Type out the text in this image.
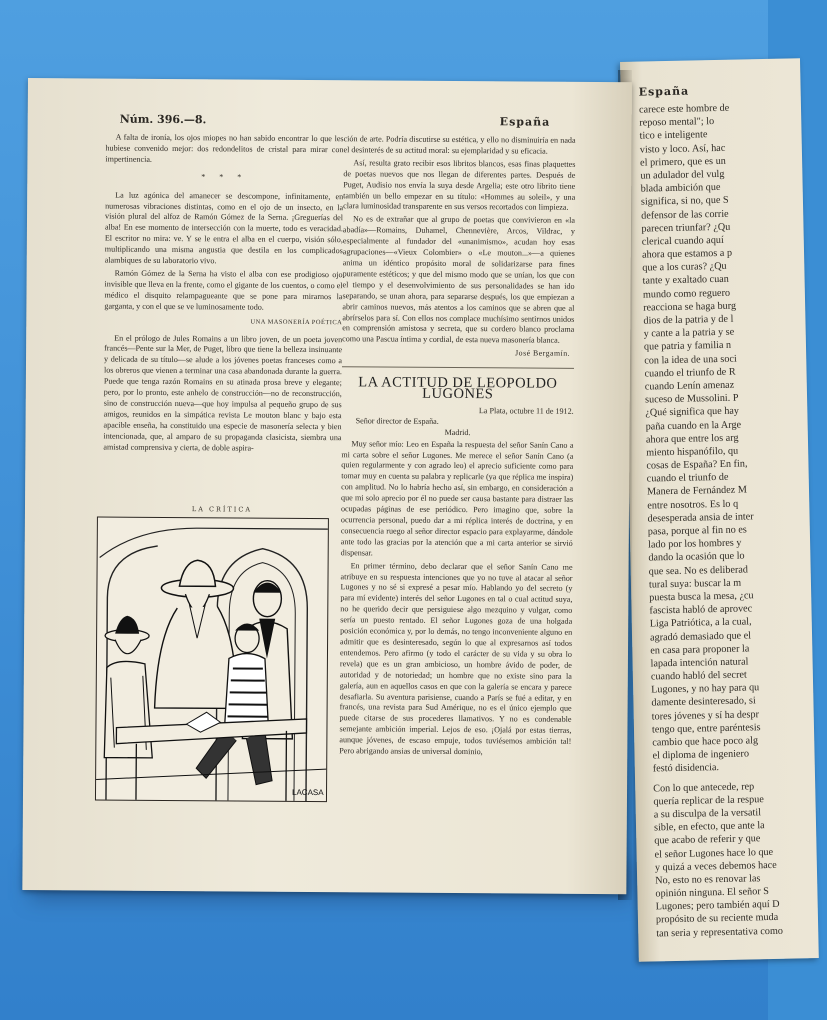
España
carece este hombre de
reposo mental"; lo
tico e inteligente
visto y loco. Así, hac
el primero, que es un
un adulador del vulg
blada ambición que
significa, si no, que S
defensor de las corrie
parecen triunfar? ¿Qu
clerical cuando aquí
ahora que estamos a p
que a los curas? ¿Qu
tante y exaltado cuan
mundo como reguero
reacciona se haga burg
dios de la patria y de l
y cante a la patria y se
que patria y familia n
con la idea de una soci
cuando el triunfo de R
cuando Lenín amenaz
suceso de Mussolini. P
¿Qué significa que hay
paña cuando en la Arge
ahora que entre los arg
miento hispanófilo, qu
cosas de España? En fin,
cuando el triunfo de
Manera de Fernández M
entre nosotros. Es lo q
desesperada ansia de inter
pasa, porque al fin no es
lado por los hombres y
dando la ocasión que lo
que sea. No es deliberad
tural suya: buscar la m
puesta busca la mesa, ¿cu
fascista habló de aprovec
Liga Patriótica, a la cual,
agradó demasiado que el
en casa para proponer la
lapada intención natural
cuando habló del secret
Lugones, y no hay para qu
damente desinteresado, si
tores jóvenes y sí ha despr
tengo que, entre paréntesis
cambio que hace poco alg
el diploma de ingeniero
festó disidencia.
Con lo que antecede, rep
quería replicar de la respue
a su disculpa de la versatil
sible, en efecto, que ante la
que acabo de referir y que
el señor Lugones hace lo que
y quizá a veces debemos hace
No, esto no es renovar las
opinión ninguna. El señor S
Lugones; pero también aquí D
propósito de su reciente muda
tan seria y representativa como
Núm. 396.—8.	España

A falta de ironía, los ojos miopes no han sabido encontrar lo que les hubiese convenido mejor: dos redondelitos de cristal para mirar con impertinencia.

* * *

La luz agónica del amanecer se descompone, infinitamente, en numerosas vibraciones distintas, como en el ojo de un insecto, en la visión plural del alfoz de Ramón Gómez de la Serna. ¡Greguerías del alba! En ese momento de intersección con la muerte, todo es veracidad. El escritor no mira: ve. Y se le entra el alba en el cuerpo, visión sólo, multiplicando una misma angustia que destila en los complicados alambiques de su laboratorio vivo.

Ramón Gómez de la Serna ha visto el alba con ese prodigioso ojo invisible que lleva en la frente, como el gigante de los cuentos, o como el médico el disquito relampagueante que se pone para mirarnos la garganta, y con el que se ve luminosamente todo.

UNA MASONERÍA POÉTICA

En el prólogo de Jules Romains a un libro joven, de un poeta joven francés—Pente sur la Mer, de Puget, libro que tiene la belleza insinuante y delicada de su título—se alude a los jóvenes poetas franceses como a los obreros que vienen a terminar una casa abandonada durante la guerra. Puede que tenga razón Romains en su atinada prosa breve y elegante; pero, por lo pronto, este anhelo de construcción—no de reconstrucción, sino de construcción nueva—que hoy impulsa al pequeño grupo de sus amigos, reunidos en la simpática revista Le mouton blanc y bajo esta apacible enseña, ha constituido una especie de masonería selecta y bien intencionada, que, al amparo de su propaganda clasicista, siembra una amistad comprensiva y cierta, de doble aspira-

LA CRÍTICA
LACASA

ción de arte. Podría discutirse su estética, y ello no disminuiría en nada el desinterés de su actitud moral: su ejemplaridad y su eficacia.

Así, resulta grato recibir esos libritos blancos, esas finas plaquettes de poetas nuevos que nos llegan de diferentes partes. Después de Puget, Audisio nos envía la suya desde Argelia; este otro librito tiene también un bello empezar en su título: «Hommes au soleil», y una clara luminosidad transparente en sus versos recortados con limpieza.

No es de extrañar que al grupo de poetas que convivieron en «la abadía»—Romains, Duhamel, Chennevière, Arcos, Vildrac, y especialmente al fundador del «unanimismo», acudan hoy esas agrupaciones—«Vieux Colombier» o «Le mouton...»—a quienes anima un idéntico propósito moral de solidarizarse para fines puramente estéticos; y que del mismo modo que se unían, los que con el tiempo y el desenvolvimiento de sus personalidades se han ido separando, se unan ahora, para separarse después, los que empiezan a abrir caminos nuevos, más atentos a los caminos que se abren que al abrírselos para sí. Con ellos nos complace muchísimo sentirnos unidos en comprensión amistosa y secreta, que su cordero blanco proclama como una Pascua íntima y cordial, de esta nueva masonería blanca.

José Bergamín.
LA ACTITUD DE LEOPOLDO LUGONES
La Plata, octubre 11 de 1912.
Señor director de España.
Madrid.

Muy señor mío: Leo en España la respuesta del señor Sanín Cano a mi carta sobre el señor Lugones. Me merece el señor Sanín Cano (a quien regularmente y con agrado leo) el aprecio suficiente como para tomar muy en cuenta su palabra y replicarle (ya que réplica me inspira) con amplitud. No lo habría hecho así, sin embargo, en consideración a que mi solo aprecio por él no puede ser causa bastante para distraer las ocupadas páginas de ese periódico. Pero imagino que, sobre la ocurrencia personal, puedo dar a mi réplica interés de doctrina, y en consecuencia ruego al señor director espacio para explayarme, dándole ante todo las gracias por la atención que a mi carta anterior se sirvió dispensar.

En primer término, debo declarar que el señor Sanín Cano me atribuye en su respuesta intenciones que yo no tuve al atacar al señor Lugones y no sé si expresé a pesar mío. Hablando yo del secreto (y para mí evidente) interés del señor Lugones en tal o cual actitud suya, no he querido decir que persiguiese algo mezquino y vulgar, como sería un puesto rentado. El señor Lugones goza de una holgada posición económica y, por lo demás, no tengo inconveniente alguno en admitir que es desinteresado, según lo que al expresarnos así todos entendemos. Pero afirmo (y todo el carácter de su vida y su obra lo revela) que es un gran ambicioso, un hombre ávido de poder, de autoridad y de notoriedad; un hombre que no existe sino para la galería, aun en aquellos casos en que con la galería se encara y parece desafiarla. Su aventura parisiense, cuando a París se fué a editar, y en francés, una revista para Sud Amérique, no es el único ejemplo que puede citarse de sus procederes llamativos. Y no es condenable semejante ambición imperial. Lejos de eso. ¡Ojalá por estas tierras, aunque jóvenes, de escaso empuje, todos tuviésemos ambición tal! Pero abrigando ansias de universal dominio,
